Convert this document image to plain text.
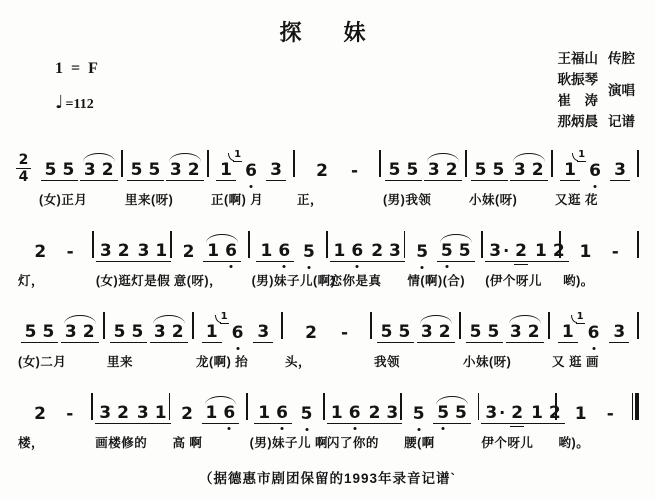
探　妹
1 = F
♩ =112
王福山 传腔
耿振琴
演唱
崔　涛
那炳晨 记谱
2
4 5 5 3 2
(女)正月
5 5 3 2
里来(呀)
1
1
6 3
正(啊) 月
2 -
正，
5 5 3 2
(男)我领
5 5 3 2
小妹(呀)
1
1
6 3
又逛 花
2 -
灯，
3 2 3 1
(女)逛灯是假
2 1 6
意(呀)，
1 6 5
(男)妹子儿(啊)
1 6 2 3
恋你是真
5 5 5
情(啊)(合)
3 · 2 1 2
(伊个呀儿
1 -
哟)。
5 5 3 2
(女)二月
5 5 3 2
里来
1
1
6 3
龙(啊) 抬
2 -
头，
5 5 3 2
我领
5 5 3 2
小妹(呀)
1
1
6 3
又 逛 画
2 -
楼，
3 2 3 1
画楼修的
2 1 6
高 啊
1 6 5
(男)妹子儿 啊
1 6 2 3
闪了你的
5 5 5
腰(啊
3 · 2 1 2
伊个呀儿
1 -
哟)。
（据德惠市剧团保留的1993年录音记谱`
